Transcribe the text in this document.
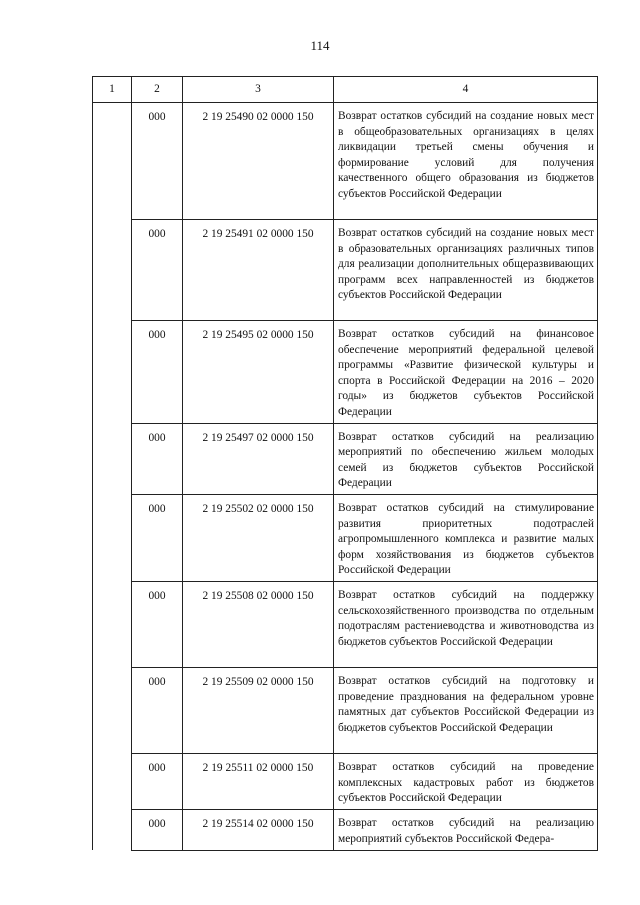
114
1	2	3	4
	000	2 19 25490 02 0000 150	Возврат остатков субсидий на создание новых мест в общеобразовательных организациях в целях ликвидации третьей смены обучения и формирование условий для получения качественного общего образования из бюджетов субъектов Российской Федерации
	000	2 19 25491 02 0000 150	Возврат остатков субсидий на создание новых мест в образовательных организациях различных типов для реализации дополнительных общеразвивающих программ всех направленностей из бюджетов субъектов Российской Федерации
	000	2 19 25495 02 0000 150	Возврат остатков субсидий на финансовое обеспечение мероприятий федеральной целевой программы «Развитие физической культуры и спорта в Российской Федерации на 2016 – 2020 годы» из бюджетов субъектов Российской Федерации
	000	2 19 25497 02 0000 150	Возврат остатков субсидий на реализацию мероприятий по обеспечению жильем молодых семей из бюджетов субъектов Российской Федерации
	000	2 19 25502 02 0000 150	Возврат остатков субсидий на стимулирование развития приоритетных подотраслей агропромышленного комплекса и развитие малых форм хозяйствования из бюджетов субъектов Российской Федерации
	000	2 19 25508 02 0000 150	Возврат остатков субсидий на поддержку сельскохозяйственного производства по отдельным подотраслям растениеводства и животноводства из бюджетов субъектов Российской Федерации
	000	2 19 25509 02 0000 150	Возврат остатков субсидий на подготовку и проведение празднования на федеральном уровне памятных дат субъектов Российской Федерации из бюджетов субъектов Российской Федерации
	000	2 19 25511 02 0000 150	Возврат остатков субсидий на проведение комплексных кадастровых работ из бюджетов субъектов Российской Федерации
	000	2 19 25514 02 0000 150	Возврат остатков субсидий на реализацию мероприятий субъектов Российской Федера-
